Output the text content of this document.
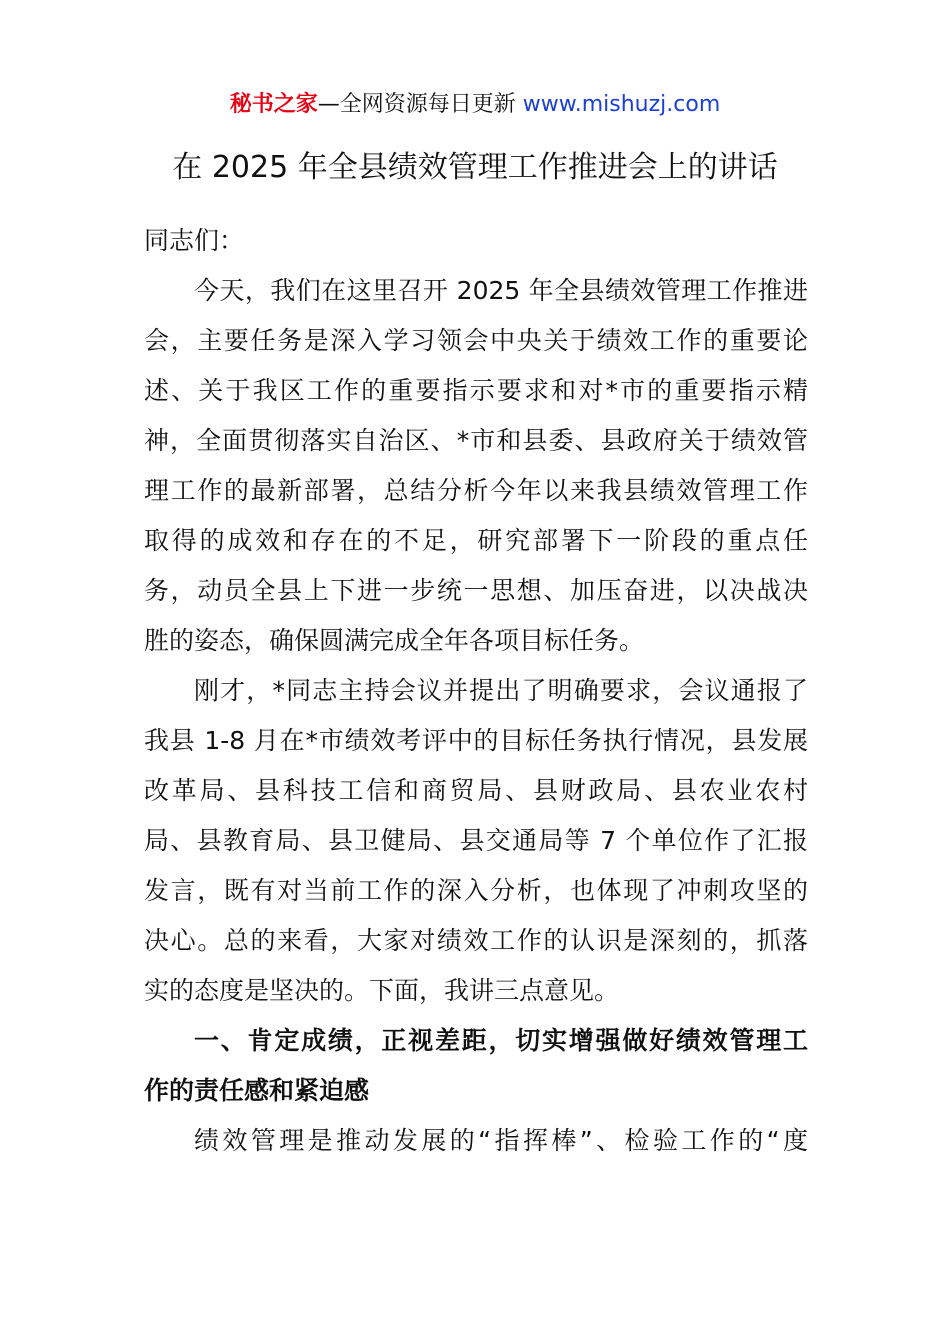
秘书之家—全网资源每日更新 www.mishuzj.com
在 2025 年全县绩效管理工作推进会上的讲话
同志们：
今天，我们在这里召开 2025 年全县绩效管理工作推进
会，主要任务是深入学习领会中央关于绩效工作的重要论
述、关于我区工作的重要指示要求和对*市的重要指示精
神，全面贯彻落实自治区、*市和县委、县政府关于绩效管
理工作的最新部署，总结分析今年以来我县绩效管理工作
取得的成效和存在的不足，研究部署下一阶段的重点任
务，动员全县上下进一步统一思想、加压奋进，以决战决
胜的姿态，确保圆满完成全年各项目标任务。
刚才，*同志主持会议并提出了明确要求，会议通报了
我县 1-8 月在*市绩效考评中的目标任务执行情况，县发展
改革局、县科技工信和商贸局、县财政局、县农业农村
局、县教育局、县卫健局、县交通局等 7 个单位作了汇报
发言，既有对当前工作的深入分析，也体现了冲刺攻坚的
决心。总的来看，大家对绩效工作的认识是深刻的，抓落
实的态度是坚决的。下面，我讲三点意见。
一、肯定成绩，正视差距，切实增强做好绩效管理工
作的责任感和紧迫感
绩效管理是推动发展的“指挥棒”、检验工作的“度
